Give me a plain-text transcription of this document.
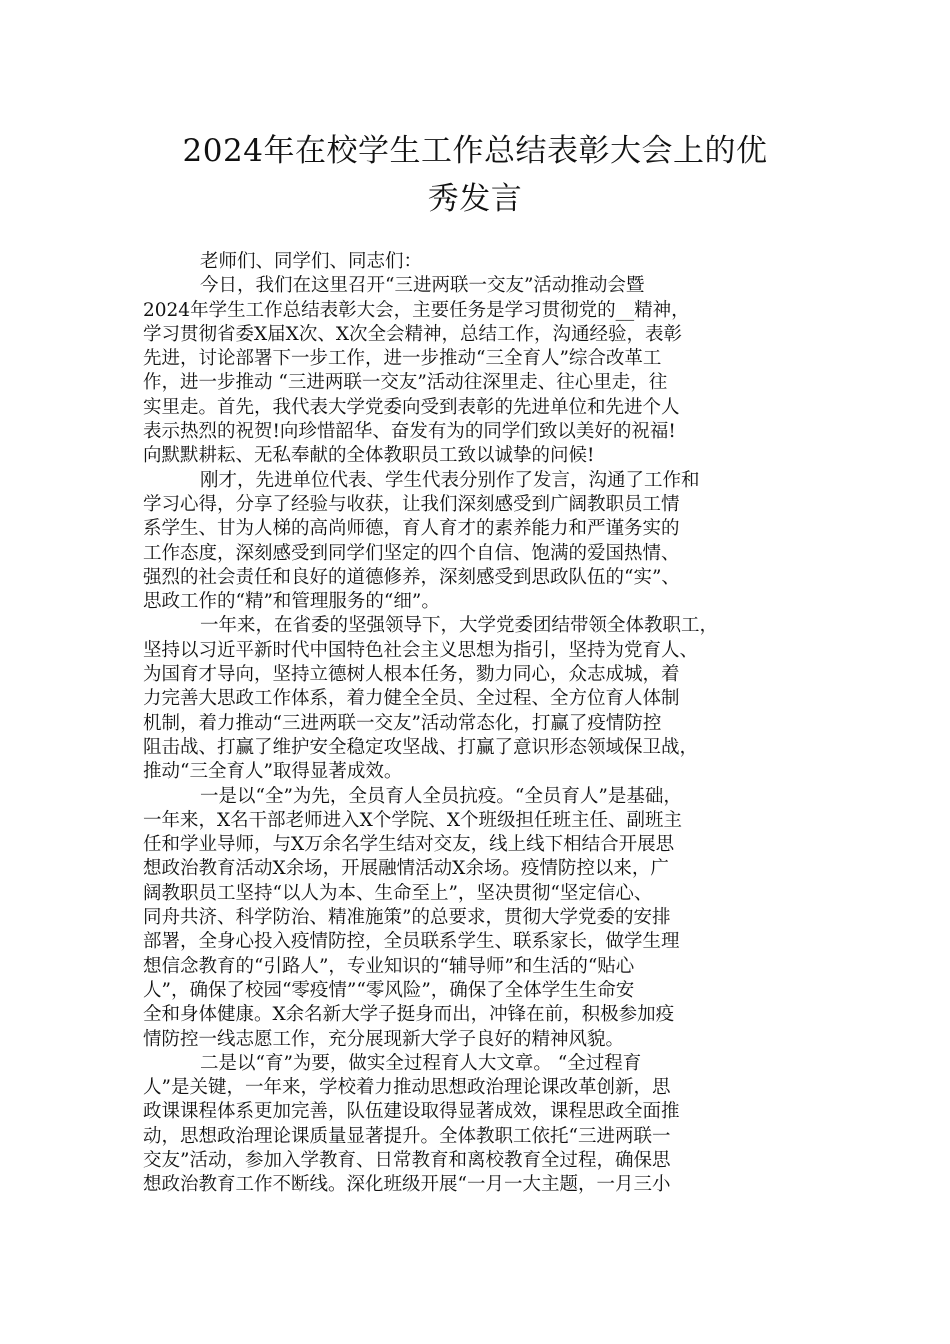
2024年在校学生工作总结表彰大会上的优
秀发言

老师们、同学们、同志们：

今日，我们在这里召开“三进两联一交友”活动推动会暨

2024年学生工作总结表彰大会，主要任务是学习贯彻党的__精神，

学习贯彻省委X届X次、X次全会精神，总结工作，沟通经验，表彰

先进，讨论部署下一步工作，进一步推动“三全育人”综合改革工

作，进一步推动 “三进两联一交友”活动往深里走、往心里走，往

实里走。首先，我代表大学党委向受到表彰的先进单位和先进个人

表示热烈的祝贺!向珍惜韶华、奋发有为的同学们致以美好的祝福!

向默默耕耘、无私奉献的全体教职员工致以诚挚的问候!

刚才，先进单位代表、学生代表分别作了发言，沟通了工作和

学习心得，分享了经验与收获，让我们深刻感受到广阔教职员工情

系学生、甘为人梯的高尚师德，育人育才的素养能力和严谨务实的

工作态度，深刻感受到同学们坚定的四个自信、饱满的爱国热情、

强烈的社会责任和良好的道德修养，深刻感受到思政队伍的“实”、

思政工作的“精”和管理服务的“细”。

一年来，在省委的坚强领导下，大学党委团结带领全体教职工，

坚持以习近平新时代中国特色社会主义思想为指引，坚持为党育人、

为国育才导向，坚持立德树人根本任务，勠力同心，众志成城，着

力完善大思政工作体系，着力健全全员、全过程、全方位育人体制

机制，着力推动“三进两联一交友”活动常态化，打赢了疫情防控

阻击战、打赢了维护安全稳定攻坚战、打赢了意识形态领域保卫战，

推动“三全育人”取得显著成效。

一是以“全”为先，全员育人全员抗疫。“全员育人”是基础，

一年来，X名干部老师进入X个学院、X个班级担任班主任、副班主

任和学业导师，与X万余名学生结对交友，线上线下相结合开展思

想政治教育活动X余场，开展融情活动X余场。疫情防控以来，广

阔教职员工坚持“以人为本、生命至上”，坚决贯彻“坚定信心、

同舟共济、科学防治、精准施策”的总要求，贯彻大学党委的安排

部署，全身心投入疫情防控，全员联系学生、联系家长，做学生理

想信念教育的“引路人”，专业知识的“辅导师”和生活的“贴心

人”，确保了校园“零疫情”“零风险”，确保了全体学生生命安

全和身体健康。X余名新大学子挺身而出，冲锋在前，积极参加疫

情防控一线志愿工作，充分展现新大学子良好的精神风貌。

二是以“育”为要，做实全过程育人大文章。 “全过程育

人”是关键，一年来，学校着力推动思想政治理论课改革创新，思

政课课程体系更加完善，队伍建设取得显著成效，课程思政全面推

动，思想政治理论课质量显著提升。全体教职工依托“三进两联一

交友”活动，参加入学教育、日常教育和离校教育全过程，确保思

想政治教育工作不断线。深化班级开展“一月一大主题，一月三小
